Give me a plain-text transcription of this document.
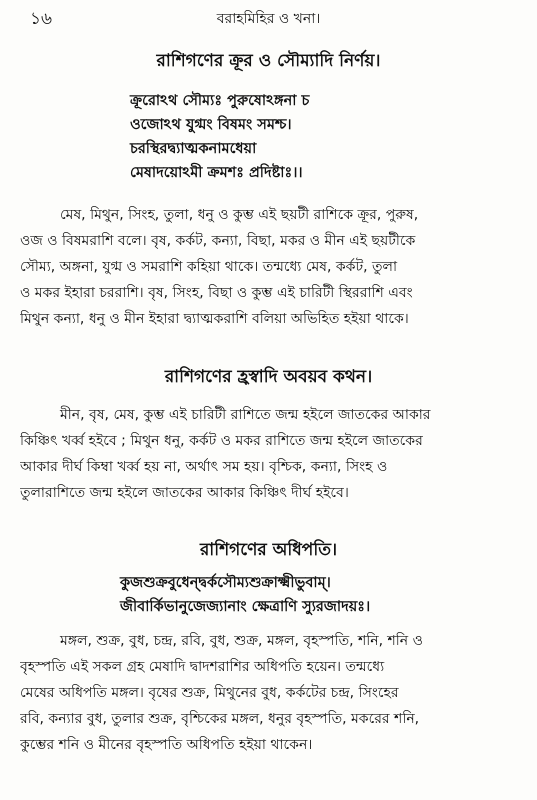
১৬	বরাহমিহির ও খনা।
রাশিগণের ক্রূর ও সৌম্যাদি নির্ণয়।
ক্রূরোঽথ সৌম্যঃ পুরুষোঽঙ্গনা চ
ওজোঽথ যুগ্মং বিষমং সমশ্চ।
চরস্থিরদ্ব্যাত্মকনামধেয়া
মেষাদয়োঽমী ক্রমশঃ প্রদিষ্টাঃ।।
মেষ, মিথুন, সিংহ, তুলা, ধনু ও কুম্ভ এই ছয়টী রাশিকে ক্রূর, পুরুষ,
ওজ ও বিষমরাশি বলে। বৃষ, কর্কট, কন্যা, বিছা, মকর ও মীন এই ছয়টীকে
সৌম্য, অঙ্গনা, যুগ্ম ও সমরাশি কহিয়া থাকে। তন্মধ্যে মেষ, কর্কট, তুলা
ও মকর ইহারা চররাশি। বৃষ, সিংহ, বিছা ও কুম্ভ এই চারিটী স্থিররাশি এবং
মিথুন কন্যা, ধনু ও মীন ইহারা দ্ব্যাত্মকরাশি বলিয়া অভিহিত হইয়া থাকে।
রাশিগণের হ্রস্বাদি অবয়ব কথন।
মীন, বৃষ, মেষ, কুম্ভ এই চারিটী রাশিতে জন্ম হইলে জাতকের আকার
কিঞ্চিৎ খর্ব্ব হইবে ; মিথুন ধনু, কর্কট ও মকর রাশিতে জন্ম হইলে জাতকের
আকার দীর্ঘ কিম্বা খর্ব্ব হয় না, অর্থাৎ সম হয়। বৃশ্চিক, কন্যা, সিংহ ও
তুলারাশিতে জন্ম হইলে জাতকের আকার কিঞ্চিৎ দীর্ঘ হইবে।
রাশিগণের অধিপতি।
কুজশুক্রবুধেন্দ্বর্কসৌম্যশুক্রাক্ষ্মীভুবাম্।
জীবার্কিভানুজেজ্যানাং ক্ষেত্রাণি স্যুরজাদয়ঃ।
মঙ্গল, শুক্র, বুধ, চন্দ্র, রবি, বুধ, শুক্র, মঙ্গল, বৃহস্পতি, শনি, শনি ও
বৃহস্পতি এই সকল গ্রহ মেষাদি দ্বাদশরাশির অধিপতি হয়েন। তন্মধ্যে
মেষের অধিপতি মঙ্গল। বৃষের শুক্র, মিথুনের বুধ, কর্কটের চন্দ্র, সিংহের
রবি, কন্যার বুধ, তুলার শুক্র, বৃশ্চিকের মঙ্গল, ধনুর বৃহস্পতি, মকরের শনি,
কুম্ভের শনি ও মীনের বৃহস্পতি অধিপতি হইয়া থাকেন।
